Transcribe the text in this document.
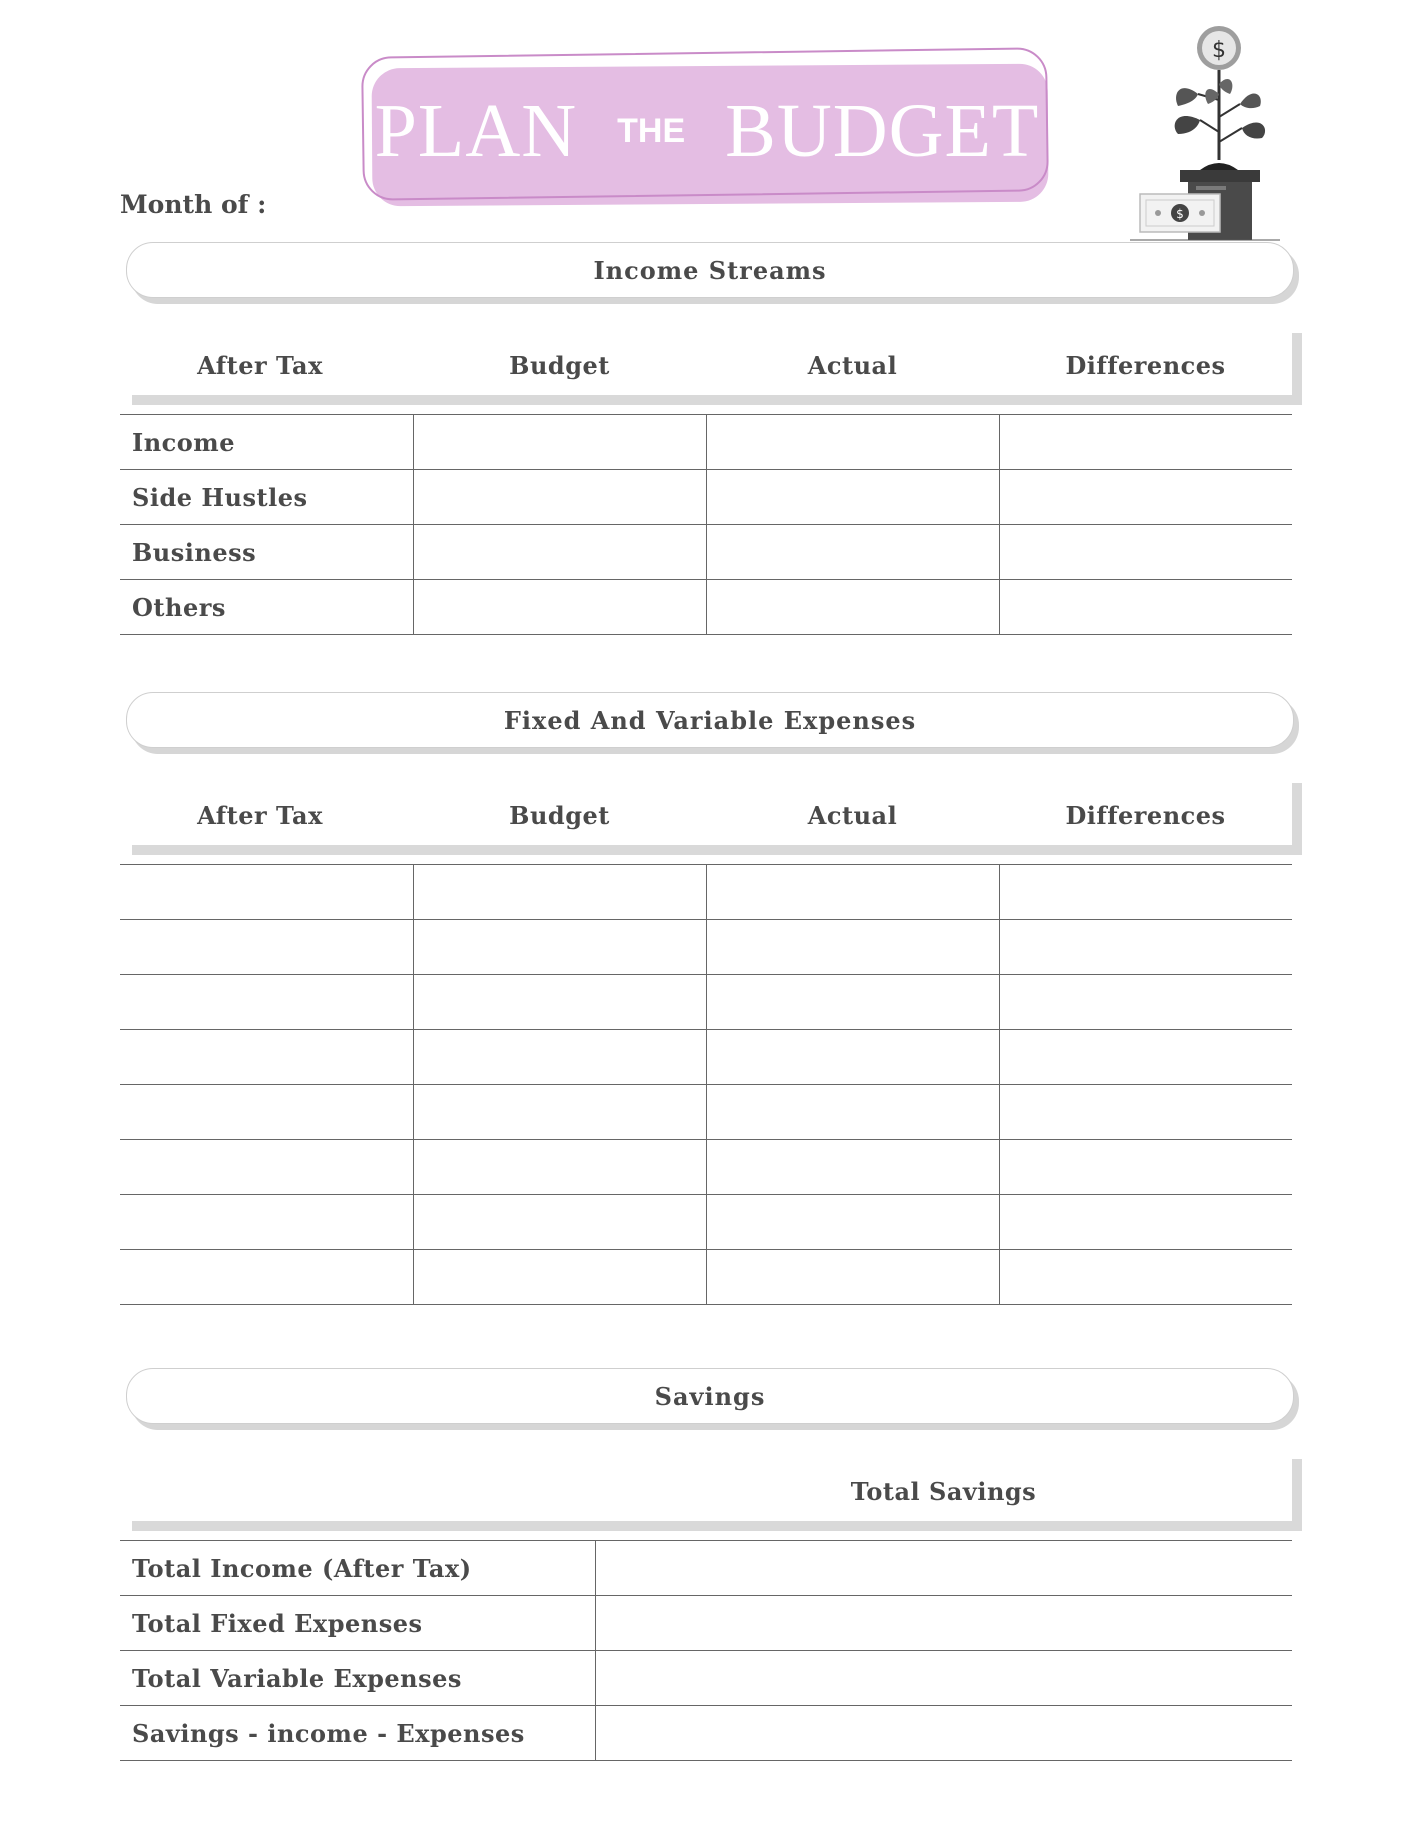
PLAN THE BUDGET
$
$
Month of :
Income Streams
After Tax	Budget	Actual	Differences
Income			
Side Hustles			
Business			
Others			
Fixed And Variable Expenses
After Tax	Budget	Actual	Differences

Savings
Total Savings
Total Income (After Tax)	
Total Fixed Expenses	
Total Variable Expenses	
Savings - income - Expenses	
